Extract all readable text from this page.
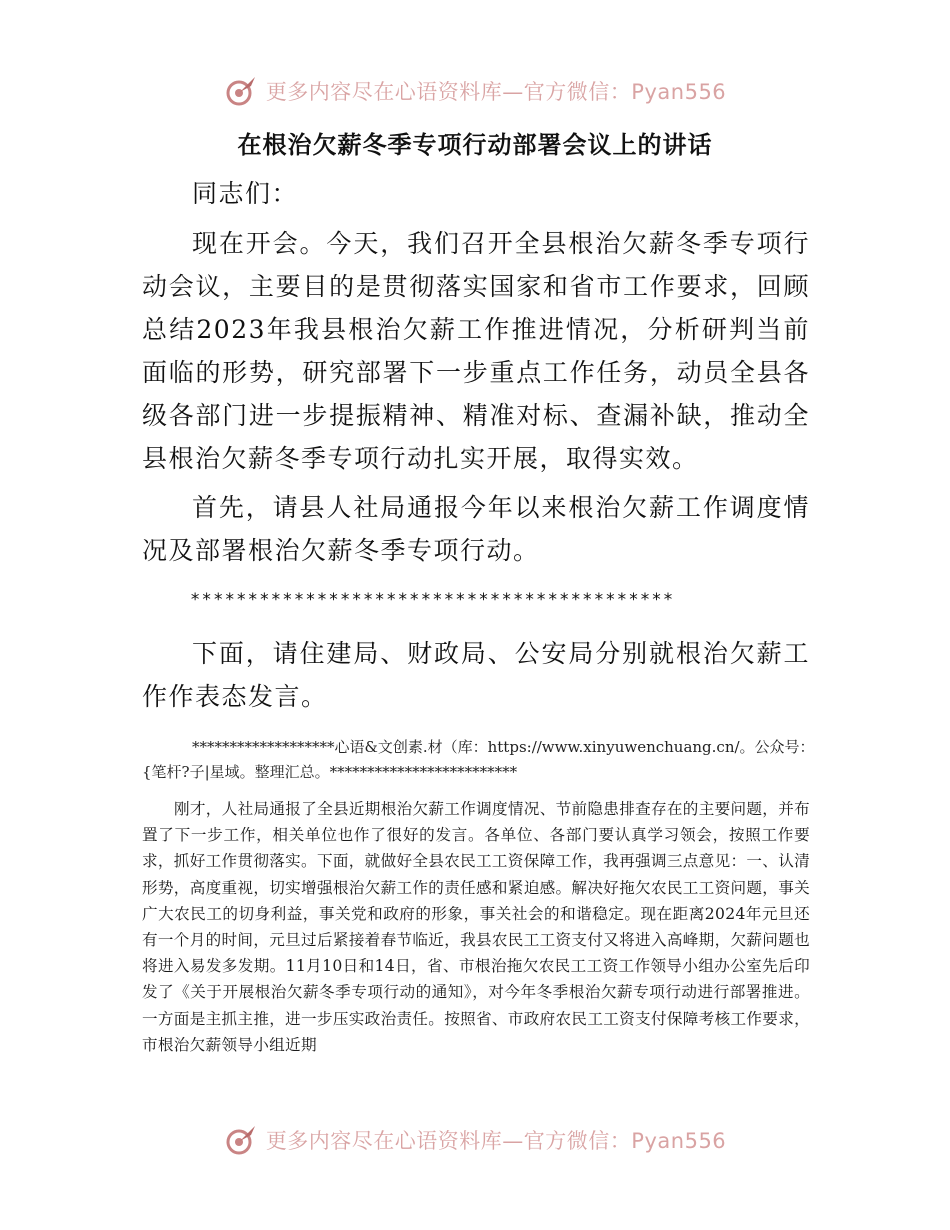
更多内容尽在心语资料库—官方微信：Pyan556
在根治欠薪冬季专项行动部署会议上的讲话

同志们：

现在开会。今天，我们召开全县根治欠薪冬季专项行动会议，主要目的是贯彻落实国家和省市工作要求，回顾总结2023年我县根治欠薪工作推进情况，分析研判当前面临的形势，研究部署下一步重点工作任务，动员全县各级各部门进一步提振精神、精准对标、查漏补缺，推动全县根治欠薪冬季专项行动扎实开展，取得实效。

首先，请县人社局通报今年以来根治欠薪工作调度情况及部署根治欠薪冬季专项行动。

******************************************

下面，请住建局、财政局、公安局分别就根治欠薪工作作表态发言。

*******************心语&文创素.材（库：https://www.xinyuwenchuang.cn/。公众号：{笔杆?子|星域。整理汇总。*************************

刚才，人社局通报了全县近期根治欠薪工作调度情况、节前隐患排查存在的主要问题，并布置了下一步工作，相关单位也作了很好的发言。各单位、各部门要认真学习领会，按照工作要求，抓好工作贯彻落实。下面，就做好全县农民工工资保障工作，我再强调三点意见：一、认清形势，高度重视，切实增强根治欠薪工作的责任感和紧迫感。解决好拖欠农民工工资问题，事关广大农民工的切身利益，事关党和政府的形象，事关社会的和谐稳定。现在距离2024年元旦还有一个月的时间，元旦过后紧接着春节临近，我县农民工工资支付又将进入高峰期，欠薪问题也将进入易发多发期。11月10日和14日，省、市根治拖欠农民工工资工作领导小组办公室先后印发了《关于开展根治欠薪冬季专项行动的通知》，对今年冬季根治欠薪专项行动进行部署推进。一方面是主抓主推，进一步压实政治责任。按照省、市政府农民工工资支付保障考核工作要求，市根治欠薪领导小组近期

更多内容尽在心语资料库—官方微信：Pyan556
